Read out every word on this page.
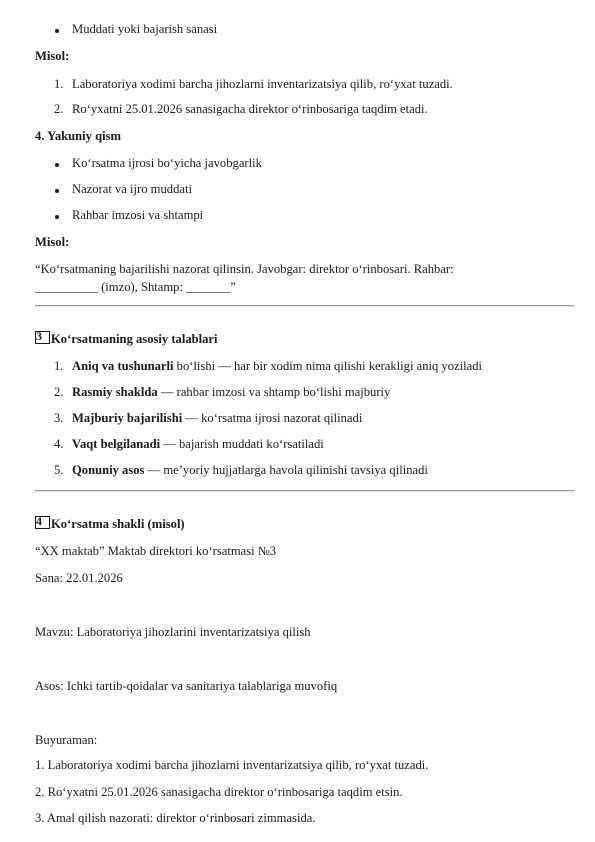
Muddati yoki bajarish sanasi
Misol:
1. Laboratoriya xodimi barcha jihozlarni inventarizatsiya qilib, ro‘yxat tuzadi.
2. Ro‘yxatni 25.01.2026 sanasigacha direktor o‘rinbosariga taqdim etadi.
4. Yakuniy qism
Ko‘rsatma ijrosi bo‘yicha javobgarlik
Nazorat va ijro muddati
Rahbar imzosi va shtampi
Misol:
“Ko‘rsatmaning bajarilishi nazorat qilinsin. Javobgar: direktor o‘rinbosari. Rahbar:
__________ (imzo), Shtamp: _______”
3 Ko‘rsatmaning asosiy talablari
1. Aniq va tushunarli bo‘lishi — har bir xodim nima qilishi kerakligi aniq yoziladi
2. Rasmiy shaklda — rahbar imzosi va shtamp bo‘lishi majburiy
3. Majburiy bajarilishi — ko‘rsatma ijrosi nazorat qilinadi
4. Vaqt belgilanadi — bajarish muddati ko‘rsatiladi
5. Qonuniy asos — me’yoriy hujjatlarga havola qilinishi tavsiya qilinadi
4 Ko‘rsatma shakli (misol)
“XX maktab” Maktab direktori ko‘rsatmasi №3
Sana: 22.01.2026
Mavzu: Laboratoriya jihozlarini inventarizatsiya qilish
Asos: Ichki tartib-qoidalar va sanitariya talablariga muvofiq
Buyuraman:
1. Laboratoriya xodimi barcha jihozlarni inventarizatsiya qilib, ro‘yxat tuzadi.
2. Ro‘yxatni 25.01.2026 sanasigacha direktor o‘rinbosariga taqdim etsin.
3. Amal qilish nazorati: direktor o‘rinbosari zimmasida.
